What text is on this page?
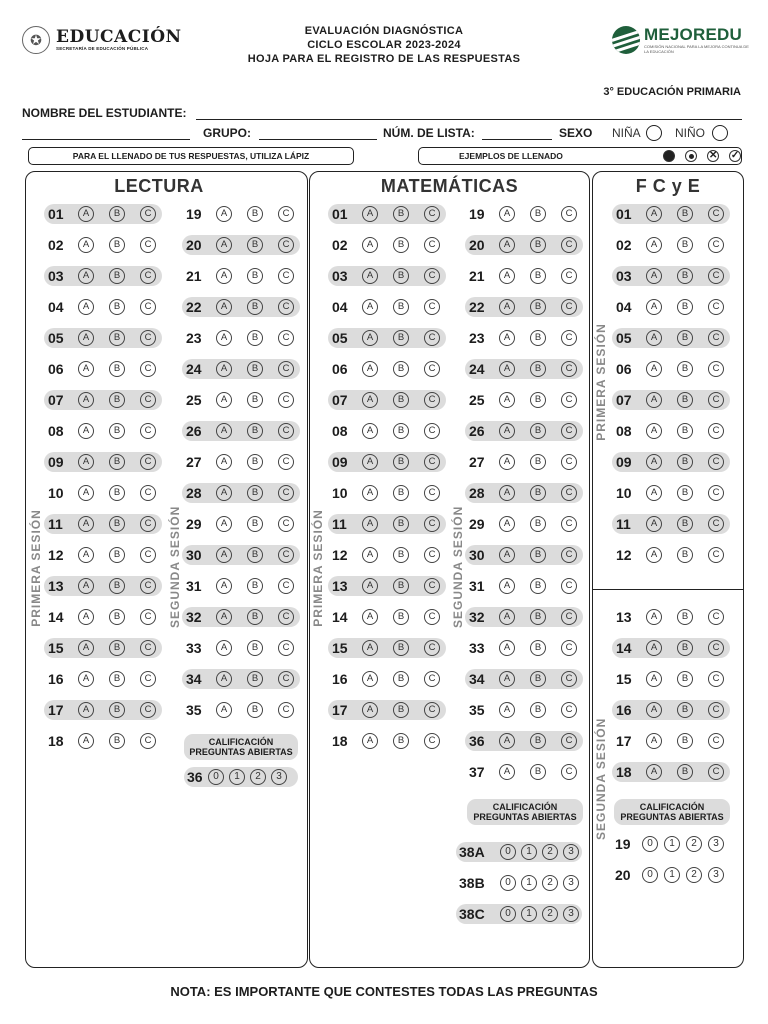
✪ EDUCACIÓN
SECRETARÍA DE EDUCACIÓN PÚBLICA
EVALUACIÓN DIAGNÓSTICA
CICLO ESCOLAR 2023-2024
HOJA PARA EL REGISTRO DE LAS RESPUESTAS
MEJOREDU
COMISIÓN NACIONAL PARA LA MEJORA CONTINUA DE LA EDUCACIÓN
3° EDUCACIÓN PRIMARIA
NOMBRE DEL ESTUDIANTE:
GRUPO:	NÚM. DE LISTA:	SEXO NIÑA	NIÑO
PARA EL LLENADO DE TUS RESPUESTAS, UTILIZA LÁPIZ	EJEMPLOS DE LLENADO	✕ ✓
LECTURA	MATEMÁTICAS	F C y E
PRIMERA SESIÓN	SEGUNDA SESIÓN	PRIMERA SESIÓN	SEGUNDA SESIÓN
PRIMERA SESIÓN
SEGUNDA SESIÓN
01	A	B	C
02	A	B	C
03	A	B	C
04	A	B	C
05	A	B	C
06	A	B	C
07	A	B	C
08	A	B	C
09	A	B	C
10	A	B	C
11	A	B	C
12	A	B	C
13	A	B	C
14	A	B	C
15	A	B	C
16	A	B	C
17	A	B	C
18	A	B	C
19	A	B	C
20	A	B	C
21	A	B	C
22	A	B	C
23	A	B	C
24	A	B	C
25	A	B	C
26	A	B	C
27	A	B	C
28	A	B	C
29	A	B	C
30	A	B	C
31	A	B	C
32	A	B	C
33	A	B	C
34	A	B	C
35	A	B	C
01	A	B	C
02	A	B	C
03	A	B	C
04	A	B	C
05	A	B	C
06	A	B	C
07	A	B	C
08	A	B	C
09	A	B	C
10	A	B	C
11	A	B	C
12	A	B	C
13	A	B	C
14	A	B	C
15	A	B	C
16	A	B	C
17	A	B	C
18	A	B	C
19	A	B	C
20	A	B	C
21	A	B	C
22	A	B	C
23	A	B	C
24	A	B	C
25	A	B	C
26	A	B	C
27	A	B	C
28	A	B	C
29	A	B	C
30	A	B	C
31	A	B	C
32	A	B	C
33	A	B	C
34	A	B	C
35	A	B	C
36	A	B	C
37	A	B	C
01	A	B	C
02	A	B	C
03	A	B	C
04	A	B	C
05	A	B	C
06	A	B	C
07	A	B	C
08	A	B	C
09	A	B	C
10	A	B	C
11	A	B	C
12	A	B	C
13	A	B	C
14	A	B	C
15	A	B	C
16	A	B	C
17	A	B	C
18	A	B	C
CALIFICACIÓN PREGUNTAS ABIERTAS
36	0	1	2	3
CALIFICACIÓN PREGUNTAS ABIERTAS
38A	0	1	2	3
38B	0	1	2	3
38C	0	1	2	3
CALIFICACIÓN PREGUNTAS ABIERTAS
19	0	1	2	3
20	0	1	2	3
NOTA: ES IMPORTANTE QUE CONTESTES TODAS LAS PREGUNTAS
